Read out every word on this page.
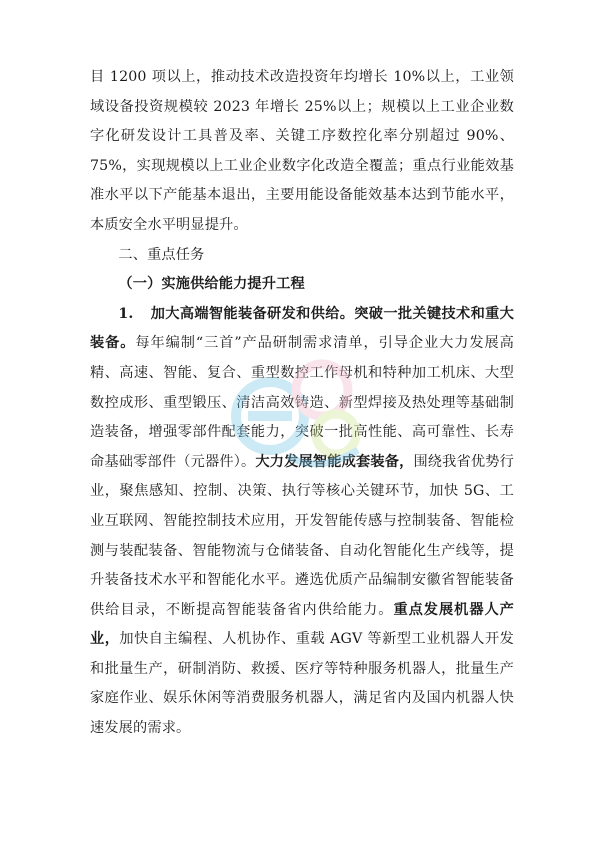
目 1200 项以上，推动技术改造投资年均增长 10%以上，工业领域设备投资规模较 2023 年增长 25%以上；规模以上工业企业数字化研发设计工具普及率、关键工序数控化率分别超过 90%、75%，实现规模以上工业企业数字化改造全覆盖；重点行业能效基准水平以下产能基本退出，主要用能设备能效基本达到节能水平，本质安全水平明显提升。

二、重点任务

（一）实施供给能力提升工程

1. 加大高端智能装备研发和供给。突破一批关键技术和重大装备。每年编制“三首”产品研制需求清单，引导企业大力发展高精、高速、智能、复合、重型数控工作母机和特种加工机床、大型数控成形、重型锻压、清洁高效铸造、新型焊接及热处理等基础制造装备，增强零部件配套能力，突破一批高性能、高可靠性、长寿命基础零部件（元器件）。大力发展智能成套装备，围绕我省优势行业，聚焦感知、控制、决策、执行等核心关键环节，加快 5G、工业互联网、智能控制技术应用，开发智能传感与控制装备、智能检测与装配装备、智能物流与仓储装备、自动化智能化生产线等，提升装备技术水平和智能化水平。遴选优质产品编制安徽省智能装备供给目录，不断提高智能装备省内供给能力。重点发展机器人产业，加快自主编程、人机协作、重载 AGV 等新型工业机器人开发和批量生产，研制消防、救援、医疗等特种服务机器人，批量生产家庭作业、娱乐休闲等消费服务机器人，满足省内及国内机器人快速发展的需求。
